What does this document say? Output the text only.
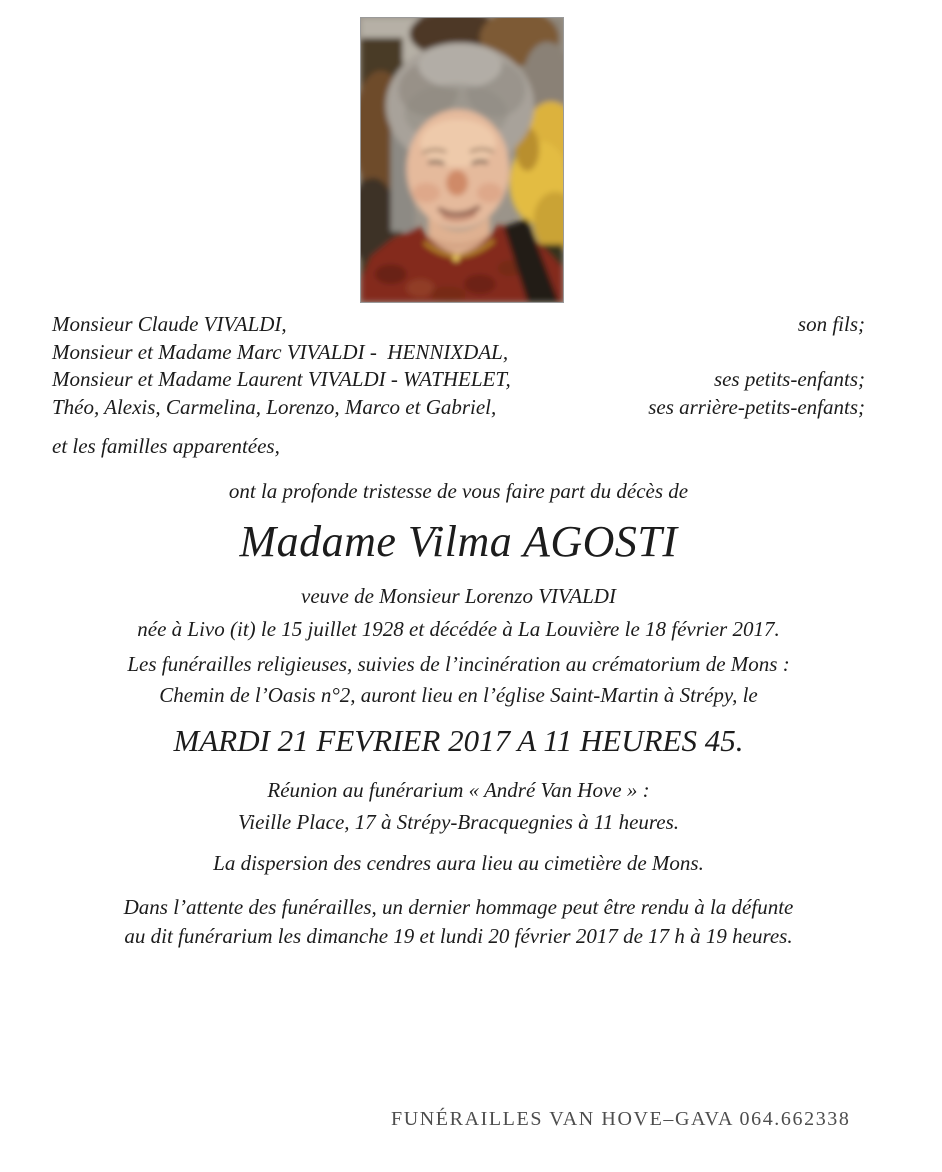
Monsieur Claude VIVALDI,	son fils;
Monsieur et Madame Marc VIVALDI -  HENNIXDAL,
Monsieur et Madame Laurent VIVALDI - WATHELET,	ses petits-enfants;
Théo, Alexis, Carmelina, Lorenzo, Marco et Gabriel,	ses arrière-petits-enfants;
et les familles apparentées,
ont la profonde tristesse de vous faire part du décès de
Madame Vilma AGOSTI
veuve de Monsieur Lorenzo VIVALDI
née à Livo (it) le 15 juillet 1928 et décédée à La Louvière le 18 février 2017.
Les funérailles religieuses, suivies de l’incinération au crématorium de Mons :
Chemin de l’Oasis n°2, auront lieu en l’église Saint-Martin à Strépy, le
MARDI 21 FEVRIER 2017 A 11 HEURES 45.
Réunion au funérarium « André Van Hove » :
Vieille Place, 17 à Strépy-Bracquegnies à 11 heures.
La dispersion des cendres aura lieu au cimetière de Mons.
Dans l’attente des funérailles, un dernier hommage peut être rendu à la défunte
au dit funérarium les dimanche 19 et lundi 20 février 2017 de 17 h à 19 heures.
FUNÉRAILLES VAN HOVE–GAVA 064.662338
